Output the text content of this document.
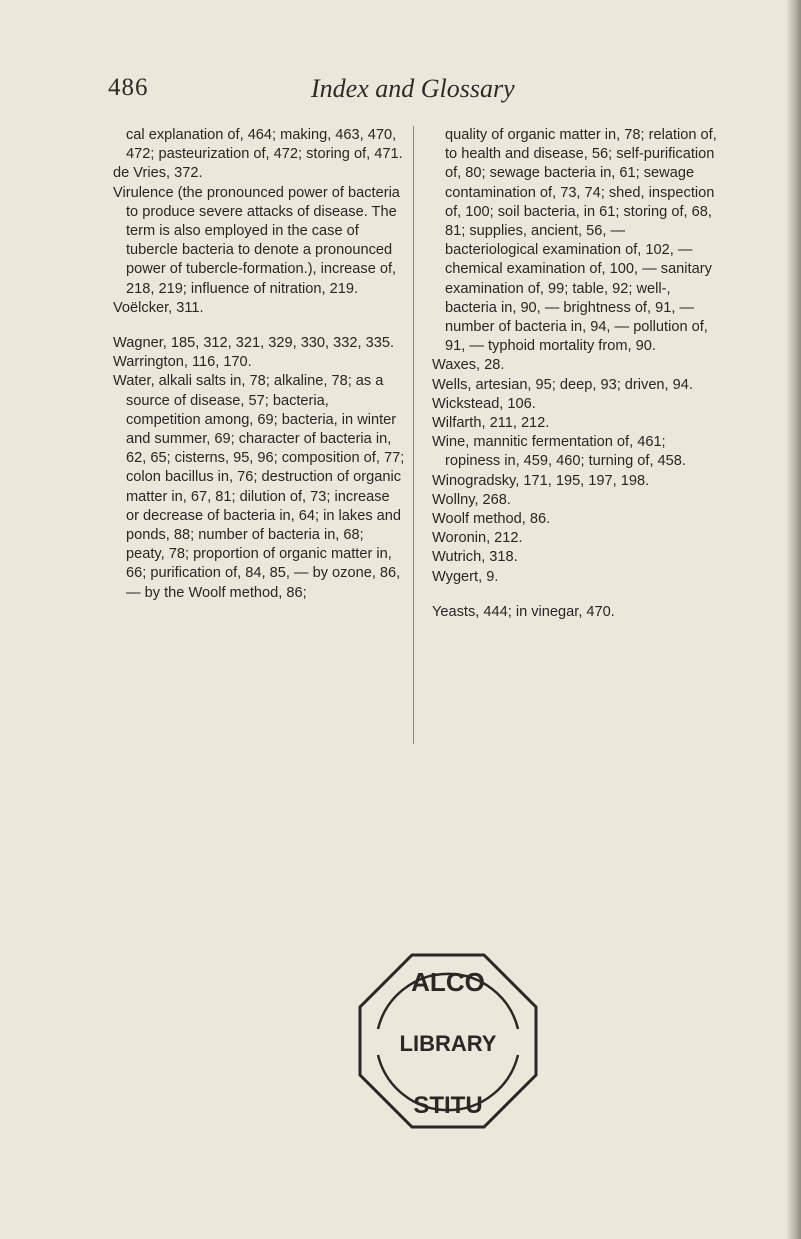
486	Index and Glossary

cal explanation of, 464; making, 463, 470, 472; pasteurization of, 472; storing of, 471.

de Vries, 372.

Virulence (the pronounced power of bacteria to produce severe attacks of disease. The term is also employed in the case of tubercle bacteria to denote a pronounced power of tubercle-formation.), increase of, 218, 219; influence of nitration, 219.

Voëlcker, 311.

Wagner, 185, 312, 321, 329, 330, 332, 335.

Warrington, 116, 170.

Water, alkali salts in, 78; alkaline, 78; as a source of disease, 57; bacteria, competition among, 69; bacteria, in winter and summer, 69; character of bacteria in, 62, 65; cisterns, 95, 96; composition of, 77; colon bacillus in, 76; destruction of organic matter in, 67, 81; dilution of, 73; increase or decrease of bacteria in, 64; in lakes and ponds, 88; number of bacteria in, 68; peaty, 78; proportion of organic matter in, 66; purification of, 84, 85, — by ozone, 86, — by the Woolf method, 86;

quality of organic matter in, 78; relation of, to health and disease, 56; self-purification of, 80; sewage bacteria in, 61; sewage contamination of, 73, 74; shed, inspection of, 100; soil bacteria, in 61; storing of, 68, 81; supplies, ancient, 56, — bacteriological examination of, 102, — chemical examination of, 100, — sanitary examination of, 99; table, 92; well-, bacteria in, 90, — brightness of, 91, — number of bacteria in, 94, — pollution of, 91, — typhoid mortality from, 90.

Waxes, 28.

Wells, artesian, 95; deep, 93; driven, 94.

Wickstead, 106.

Wilfarth, 211, 212.

Wine, mannitic fermentation of, 461; ropiness in, 459, 460; turning of, 458.

Winogradsky, 171, 195, 197, 198.

Wollny, 268.

Woolf method, 86.

Woronin, 212.

Wutrich, 318.

Wygert, 9.

Yeasts, 444; in vinegar, 470.

ALCO
LIBRARY
STITU
